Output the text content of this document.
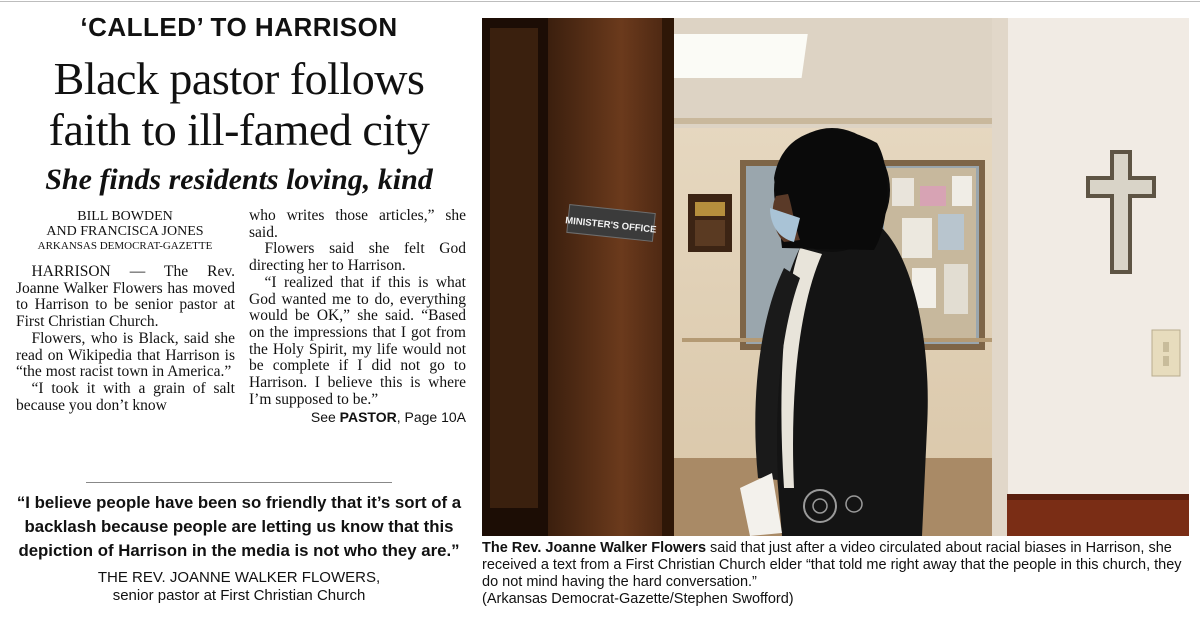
‘CALLED’ TO HARRISON
Black pastor follows
faith to ill-famed city
She finds residents loving, kind
BILL BOWDEN
AND FRANCISCA JONES
ARKANSAS DEMOCRAT-GAZETTE

HARRISON — The Rev. Joanne Walker Flowers has moved to Harrison to be senior pastor at First Christian Church.

Flowers, who is Black, said she read on Wikipedia that Harrison is “the most racist town in America.”

“I took it with a grain of salt because you don’t know

who writes those articles,” she said.

Flowers said she felt God directing her to Harrison.

“I realized that if this is what God wanted me to do, everything would be OK,” she said. “Based on the impressions that I got from the Holy Spirit, my life would not be complete if I did not go to Harrison. I believe this is where I’m supposed to be.”

See PASTOR, Page 10A
“I believe people have been so friendly that it’s sort of a backlash because people are letting us know that this depiction of Harrison in the media is not who they are.”
THE REV. JOANNE WALKER FLOWERS,
senior pastor at First Christian Church
MINISTER'S OFFICE
The Rev. Joanne Walker Flowers said that just after a video circulated about racial biases in Harrison, she received a text from a First Christian Church elder “that told me right away that the people in this church, they do not mind having the hard conversation.”
(Arkansas Democrat-Gazette/Stephen Swofford)
